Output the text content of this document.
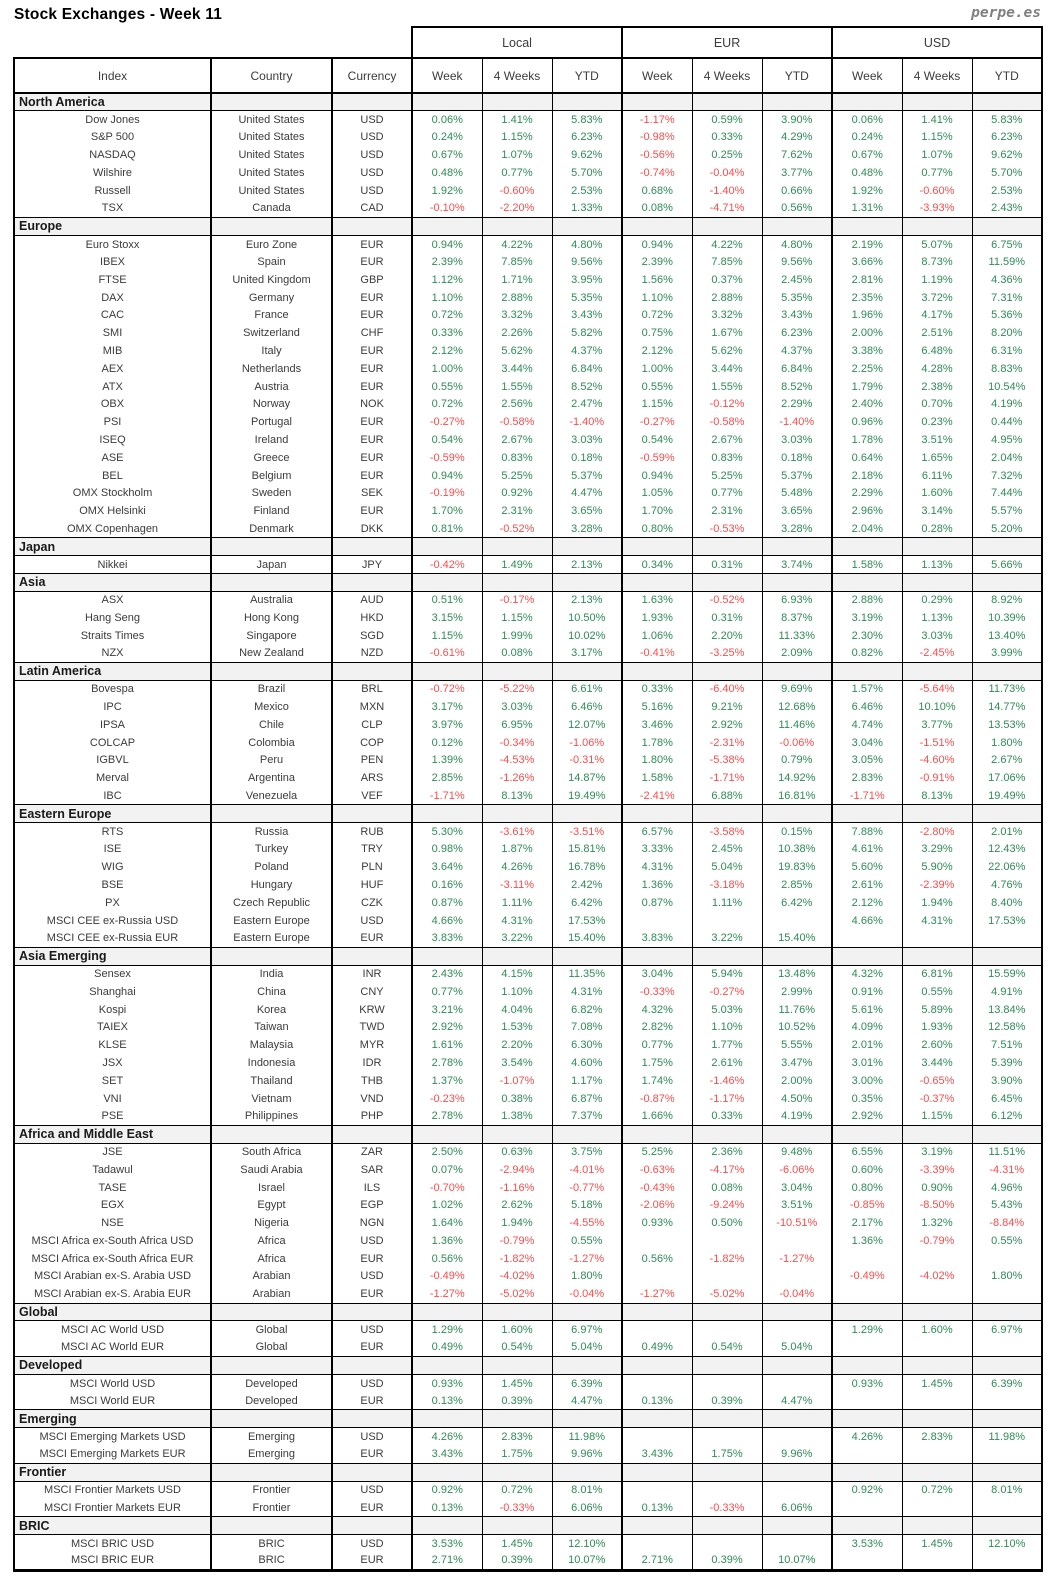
Stock Exchanges - Week 11	perpe.es
			Local			EUR			USD		
Index	Country	Currency	Week	4 Weeks	YTD	Week	4 Weeks	YTD	Week	4 Weeks	YTD
North America											
Dow Jones	United States	USD	0.06%	1.41%	5.83%	-1.17%	0.59%	3.90%	0.06%	1.41%	5.83%
S&P 500	United States	USD	0.24%	1.15%	6.23%	-0.98%	0.33%	4.29%	0.24%	1.15%	6.23%
NASDAQ	United States	USD	0.67%	1.07%	9.62%	-0.56%	0.25%	7.62%	0.67%	1.07%	9.62%
Wilshire	United States	USD	0.48%	0.77%	5.70%	-0.74%	-0.04%	3.77%	0.48%	0.77%	5.70%
Russell	United States	USD	1.92%	-0.60%	2.53%	0.68%	-1.40%	0.66%	1.92%	-0.60%	2.53%
TSX	Canada	CAD	-0.10%	-2.20%	1.33%	0.08%	-4.71%	0.56%	1.31%	-3.93%	2.43%
Europe											
Euro Stoxx	Euro Zone	EUR	0.94%	4.22%	4.80%	0.94%	4.22%	4.80%	2.19%	5.07%	6.75%
IBEX	Spain	EUR	2.39%	7.85%	9.56%	2.39%	7.85%	9.56%	3.66%	8.73%	11.59%
FTSE	United Kingdom	GBP	1.12%	1.71%	3.95%	1.56%	0.37%	2.45%	2.81%	1.19%	4.36%
DAX	Germany	EUR	1.10%	2.88%	5.35%	1.10%	2.88%	5.35%	2.35%	3.72%	7.31%
CAC	France	EUR	0.72%	3.32%	3.43%	0.72%	3.32%	3.43%	1.96%	4.17%	5.36%
SMI	Switzerland	CHF	0.33%	2.26%	5.82%	0.75%	1.67%	6.23%	2.00%	2.51%	8.20%
MIB	Italy	EUR	2.12%	5.62%	4.37%	2.12%	5.62%	4.37%	3.38%	6.48%	6.31%
AEX	Netherlands	EUR	1.00%	3.44%	6.84%	1.00%	3.44%	6.84%	2.25%	4.28%	8.83%
ATX	Austria	EUR	0.55%	1.55%	8.52%	0.55%	1.55%	8.52%	1.79%	2.38%	10.54%
OBX	Norway	NOK	0.72%	2.56%	2.47%	1.15%	-0.12%	2.29%	2.40%	0.70%	4.19%
PSI	Portugal	EUR	-0.27%	-0.58%	-1.40%	-0.27%	-0.58%	-1.40%	0.96%	0.23%	0.44%
ISEQ	Ireland	EUR	0.54%	2.67%	3.03%	0.54%	2.67%	3.03%	1.78%	3.51%	4.95%
ASE	Greece	EUR	-0.59%	0.83%	0.18%	-0.59%	0.83%	0.18%	0.64%	1.65%	2.04%
BEL	Belgium	EUR	0.94%	5.25%	5.37%	0.94%	5.25%	5.37%	2.18%	6.11%	7.32%
OMX Stockholm	Sweden	SEK	-0.19%	0.92%	4.47%	1.05%	0.77%	5.48%	2.29%	1.60%	7.44%
OMX Helsinki	Finland	EUR	1.70%	2.31%	3.65%	1.70%	2.31%	3.65%	2.96%	3.14%	5.57%
OMX Copenhagen	Denmark	DKK	0.81%	-0.52%	3.28%	0.80%	-0.53%	3.28%	2.04%	0.28%	5.20%
Japan											
Nikkei	Japan	JPY	-0.42%	1.49%	2.13%	0.34%	0.31%	3.74%	1.58%	1.13%	5.66%
Asia											
ASX	Australia	AUD	0.51%	-0.17%	2.13%	1.63%	-0.52%	6.93%	2.88%	0.29%	8.92%
Hang Seng	Hong Kong	HKD	3.15%	1.15%	10.50%	1.93%	0.31%	8.37%	3.19%	1.13%	10.39%
Straits Times	Singapore	SGD	1.15%	1.99%	10.02%	1.06%	2.20%	11.33%	2.30%	3.03%	13.40%
NZX	New Zealand	NZD	-0.61%	0.08%	3.17%	-0.41%	-3.25%	2.09%	0.82%	-2.45%	3.99%
Latin America											
Bovespa	Brazil	BRL	-0.72%	-5.22%	6.61%	0.33%	-6.40%	9.69%	1.57%	-5.64%	11.73%
IPC	Mexico	MXN	3.17%	3.03%	6.46%	5.16%	9.21%	12.68%	6.46%	10.10%	14.77%
IPSA	Chile	CLP	3.97%	6.95%	12.07%	3.46%	2.92%	11.46%	4.74%	3.77%	13.53%
COLCAP	Colombia	COP	0.12%	-0.34%	-1.06%	1.78%	-2.31%	-0.06%	3.04%	-1.51%	1.80%
IGBVL	Peru	PEN	1.39%	-4.53%	-0.31%	1.80%	-5.38%	0.79%	3.05%	-4.60%	2.67%
Merval	Argentina	ARS	2.85%	-1.26%	14.87%	1.58%	-1.71%	14.92%	2.83%	-0.91%	17.06%
IBC	Venezuela	VEF	-1.71%	8.13%	19.49%	-2.41%	6.88%	16.81%	-1.71%	8.13%	19.49%
Eastern Europe											
RTS	Russia	RUB	5.30%	-3.61%	-3.51%	6.57%	-3.58%	0.15%	7.88%	-2.80%	2.01%
ISE	Turkey	TRY	0.98%	1.87%	15.81%	3.33%	2.45%	10.38%	4.61%	3.29%	12.43%
WIG	Poland	PLN	3.64%	4.26%	16.78%	4.31%	5.04%	19.83%	5.60%	5.90%	22.06%
BSE	Hungary	HUF	0.16%	-3.11%	2.42%	1.36%	-3.18%	2.85%	2.61%	-2.39%	4.76%
PX	Czech Republic	CZK	0.87%	1.11%	6.42%	0.87%	1.11%	6.42%	2.12%	1.94%	8.40%
MSCI CEE ex-Russia USD	Eastern Europe	USD	4.66%	4.31%	17.53%				4.66%	4.31%	17.53%
MSCI CEE ex-Russia EUR	Eastern Europe	EUR	3.83%	3.22%	15.40%	3.83%	3.22%	15.40%			
Asia Emerging											
Sensex	India	INR	2.43%	4.15%	11.35%	3.04%	5.94%	13.48%	4.32%	6.81%	15.59%
Shanghai	China	CNY	0.77%	1.10%	4.31%	-0.33%	-0.27%	2.99%	0.91%	0.55%	4.91%
Kospi	Korea	KRW	3.21%	4.04%	6.82%	4.32%	5.03%	11.76%	5.61%	5.89%	13.84%
TAIEX	Taiwan	TWD	2.92%	1.53%	7.08%	2.82%	1.10%	10.52%	4.09%	1.93%	12.58%
KLSE	Malaysia	MYR	1.61%	2.20%	6.30%	0.77%	1.77%	5.55%	2.01%	2.60%	7.51%
JSX	Indonesia	IDR	2.78%	3.54%	4.60%	1.75%	2.61%	3.47%	3.01%	3.44%	5.39%
SET	Thailand	THB	1.37%	-1.07%	1.17%	1.74%	-1.46%	2.00%	3.00%	-0.65%	3.90%
VNI	Vietnam	VND	-0.23%	0.38%	6.87%	-0.87%	-1.17%	4.50%	0.35%	-0.37%	6.45%
PSE	Philippines	PHP	2.78%	1.38%	7.37%	1.66%	0.33%	4.19%	2.92%	1.15%	6.12%
Africa and Middle East											
JSE	South Africa	ZAR	2.50%	0.63%	3.75%	5.25%	2.36%	9.48%	6.55%	3.19%	11.51%
Tadawul	Saudi Arabia	SAR	0.07%	-2.94%	-4.01%	-0.63%	-4.17%	-6.06%	0.60%	-3.39%	-4.31%
TASE	Israel	ILS	-0.70%	-1.16%	-0.77%	-0.43%	0.08%	3.04%	0.80%	0.90%	4.96%
EGX	Egypt	EGP	1.02%	2.62%	5.18%	-2.06%	-9.24%	3.51%	-0.85%	-8.50%	5.43%
NSE	Nigeria	NGN	1.64%	1.94%	-4.55%	0.93%	0.50%	-10.51%	2.17%	1.32%	-8.84%
MSCI Africa ex-South Africa USD	Africa	USD	1.36%	-0.79%	0.55%				1.36%	-0.79%	0.55%
MSCI Africa ex-South Africa EUR	Africa	EUR	0.56%	-1.82%	-1.27%	0.56%	-1.82%	-1.27%			
MSCI Arabian ex-S. Arabia USD	Arabian	USD	-0.49%	-4.02%	1.80%				-0.49%	-4.02%	1.80%
MSCI Arabian ex-S. Arabia EUR	Arabian	EUR	-1.27%	-5.02%	-0.04%	-1.27%	-5.02%	-0.04%			
Global											
MSCI AC World USD	Global	USD	1.29%	1.60%	6.97%				1.29%	1.60%	6.97%
MSCI AC World EUR	Global	EUR	0.49%	0.54%	5.04%	0.49%	0.54%	5.04%			
Developed											
MSCI World USD	Developed	USD	0.93%	1.45%	6.39%				0.93%	1.45%	6.39%
MSCI World EUR	Developed	EUR	0.13%	0.39%	4.47%	0.13%	0.39%	4.47%			
Emerging											
MSCI Emerging Markets USD	Emerging	USD	4.26%	2.83%	11.98%				4.26%	2.83%	11.98%
MSCI Emerging Markets EUR	Emerging	EUR	3.43%	1.75%	9.96%	3.43%	1.75%	9.96%			
Frontier											
MSCI Frontier Markets USD	Frontier	USD	0.92%	0.72%	8.01%				0.92%	0.72%	8.01%
MSCI Frontier Markets EUR	Frontier	EUR	0.13%	-0.33%	6.06%	0.13%	-0.33%	6.06%			
BRIC											
MSCI BRIC USD	BRIC	USD	3.53%	1.45%	12.10%				3.53%	1.45%	12.10%
MSCI BRIC EUR	BRIC	EUR	2.71%	0.39%	10.07%	2.71%	0.39%	10.07%			
